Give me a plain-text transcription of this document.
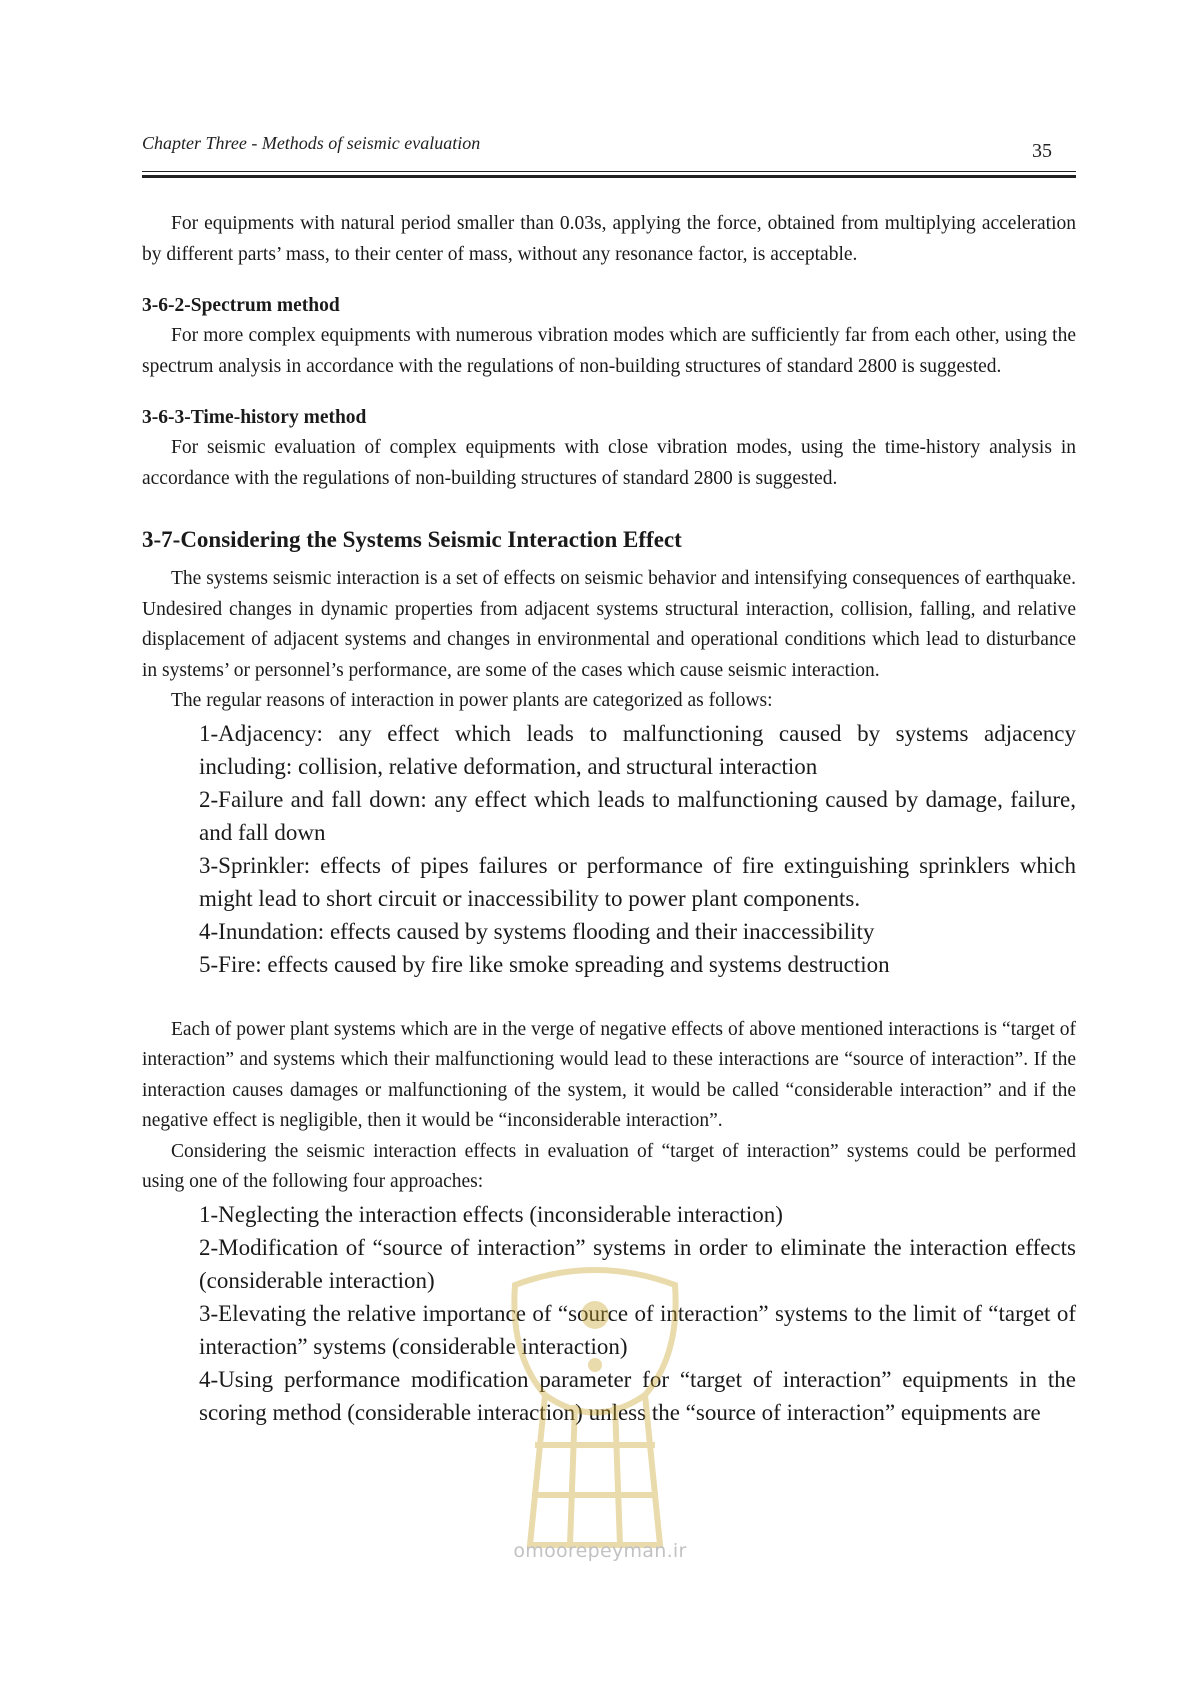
Chapter Three - Methods of seismic evaluation	35

For equipments with natural period smaller than 0.03s, applying the force, obtained from multiplying acceleration by different parts’ mass, to their center of mass, without any resonance factor, is acceptable.

3-6-2-Spectrum method

For more complex equipments with numerous vibration modes which are sufficiently far from each other, using the spectrum analysis in accordance with the regulations of non-building structures of standard 2800 is suggested.

3-6-3-Time-history method

For seismic evaluation of complex equipments with close vibration modes, using the time-history analysis in accordance with the regulations of non-building structures of standard 2800 is suggested.

3-7-Considering the Systems Seismic Interaction Effect

The systems seismic interaction is a set of effects on seismic behavior and intensifying consequences of earthquake. Undesired changes in dynamic properties from adjacent systems structural interaction, collision, falling, and relative displacement of adjacent systems and changes in environmental and operational conditions which lead to disturbance in systems’ or personnel’s performance, are some of the cases which cause seismic interaction.

The regular reasons of interaction in power plants are categorized as follows:

1-Adjacency: any effect which leads to malfunctioning caused by systems adjacency including: collision, relative deformation, and structural interaction

2-Failure and fall down: any effect which leads to malfunctioning caused by damage, failure, and fall down

3-Sprinkler: effects of pipes failures or performance of fire extinguishing sprinklers which might lead to short circuit or inaccessibility to power plant components.

4-Inundation: effects caused by systems flooding and their inaccessibility

5-Fire: effects caused by fire like smoke spreading and systems destruction

Each of power plant systems which are in the verge of negative effects of above mentioned interactions is “target of interaction” and systems which their malfunctioning would lead to these interactions are “source of interaction”. If the interaction causes damages or malfunctioning of the system, it would be called “considerable interaction” and if the negative effect is negligible, then it would be “inconsiderable interaction”.

Considering the seismic interaction effects in evaluation of “target of interaction” systems could be performed using one of the following four approaches:

1-Neglecting the interaction effects (inconsiderable interaction)

2-Modification of “source of interaction” systems in order to eliminate the interaction effects (considerable interaction)

3-Elevating the relative importance of “source of interaction” systems to the limit of “target of interaction” systems (considerable interaction)

4-Using performance modification parameter for “target of interaction” equipments in the scoring method (considerable interaction) unless the “source of interaction” equipments are

omoorepeyman.ir
